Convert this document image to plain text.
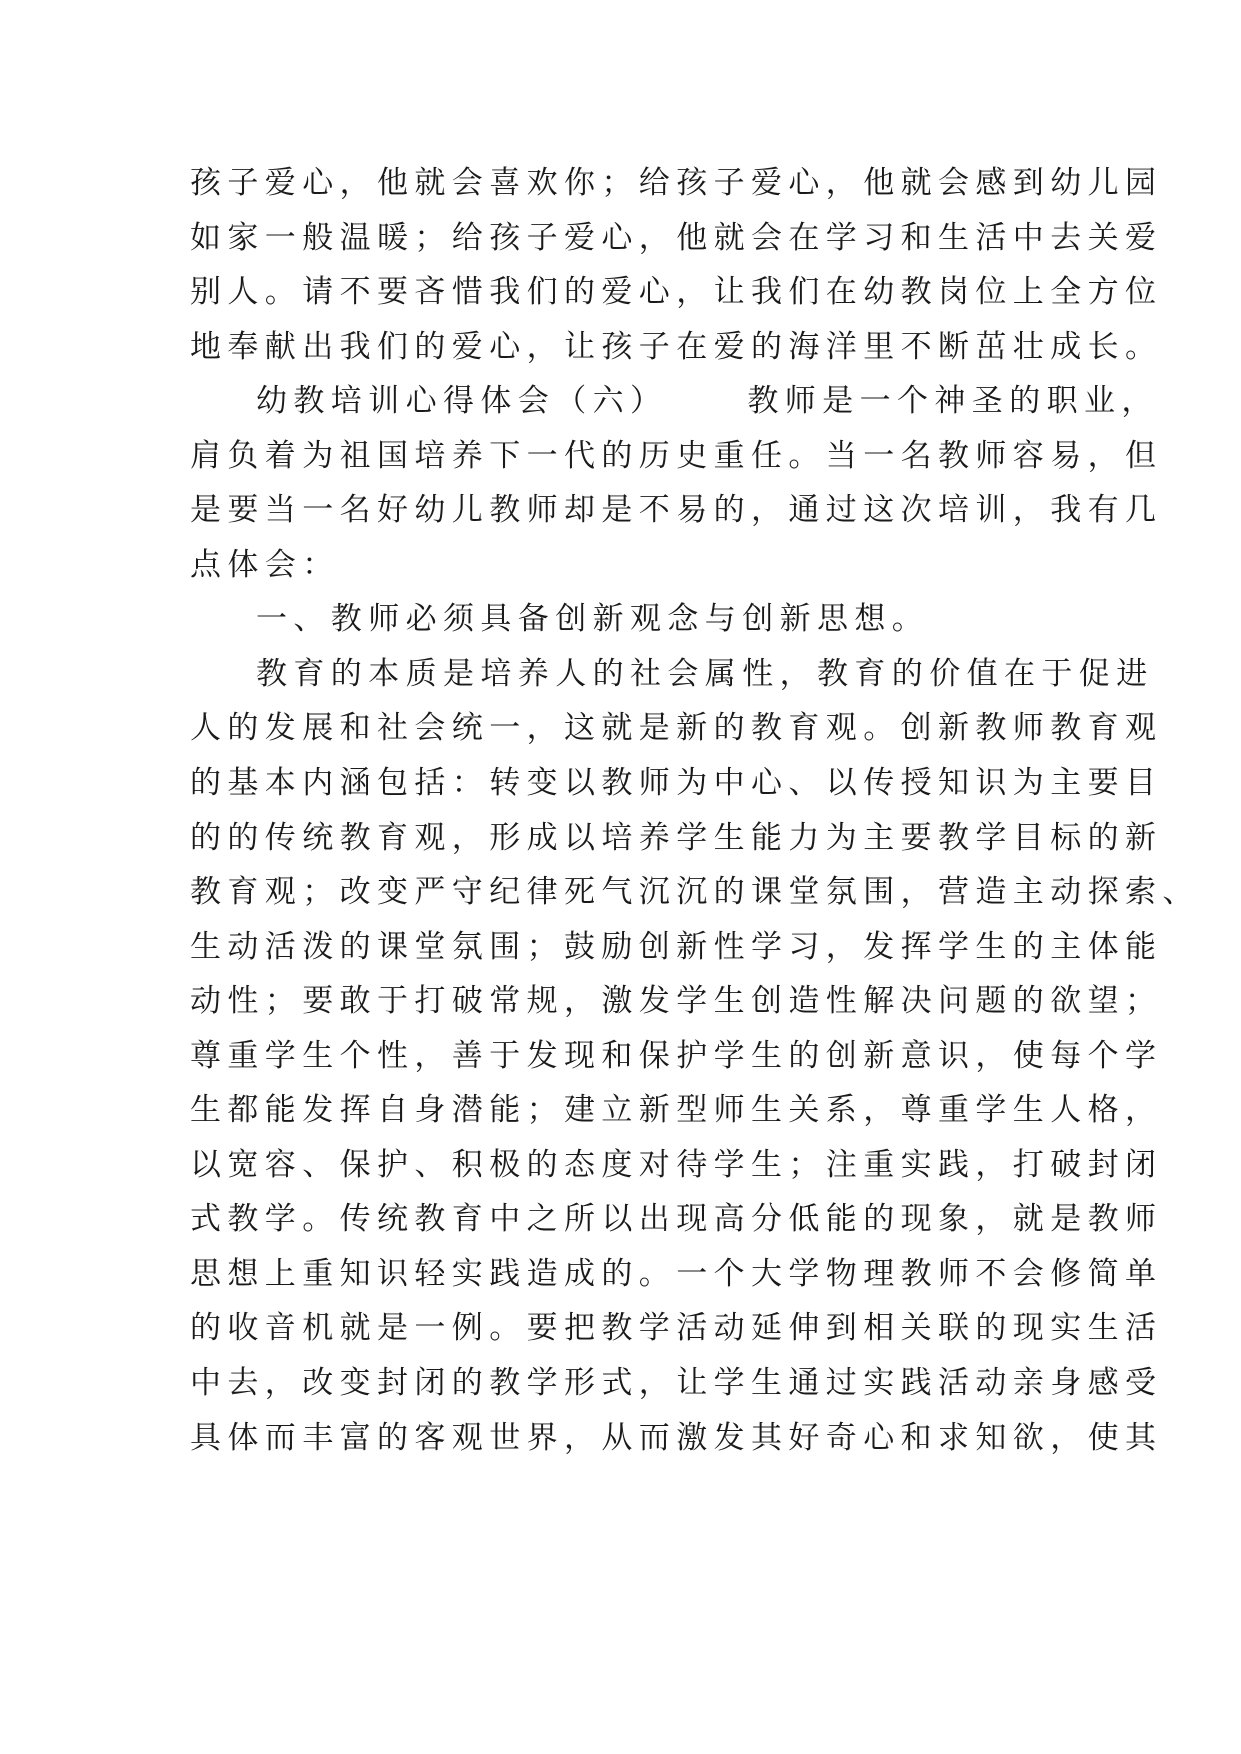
孩子爱心，他就会喜欢你；给孩子爱心，他就会感到幼儿园
如家一般温暖；给孩子爱心，他就会在学习和生活中去关爱
别人。请不要吝惜我们的爱心，让我们在幼教岗位上全方位
地奉献出我们的爱心，让孩子在爱的海洋里不断茁壮成长。
幼教培训心得体会（六）	教师是一个神圣的职业，
肩负着为祖国培养下一代的历史重任。当一名教师容易，但
是要当一名好幼儿教师却是不易的，通过这次培训，我有几
点体会：
一、教师必须具备创新观念与创新思想。
教育的本质是培养人的社会属性，教育的价值在于促进
人的发展和社会统一，这就是新的教育观。创新教师教育观
的基本内涵包括：转变以教师为中心、以传授知识为主要目
的的传统教育观，形成以培养学生能力为主要教学目标的新
教育观；改变严守纪律死气沉沉的课堂氛围，营造主动探索、
生动活泼的课堂氛围；鼓励创新性学习，发挥学生的主体能
动性；要敢于打破常规，激发学生创造性解决问题的欲望；
尊重学生个性，善于发现和保护学生的创新意识，使每个学
生都能发挥自身潜能；建立新型师生关系，尊重学生人格，
以宽容、保护、积极的态度对待学生；注重实践，打破封闭
式教学。传统教育中之所以出现高分低能的现象，就是教师
思想上重知识轻实践造成的。一个大学物理教师不会修简单
的收音机就是一例。要把教学活动延伸到相关联的现实生活
中去，改变封闭的教学形式，让学生通过实践活动亲身感受
具体而丰富的客观世界，从而激发其好奇心和求知欲，使其
